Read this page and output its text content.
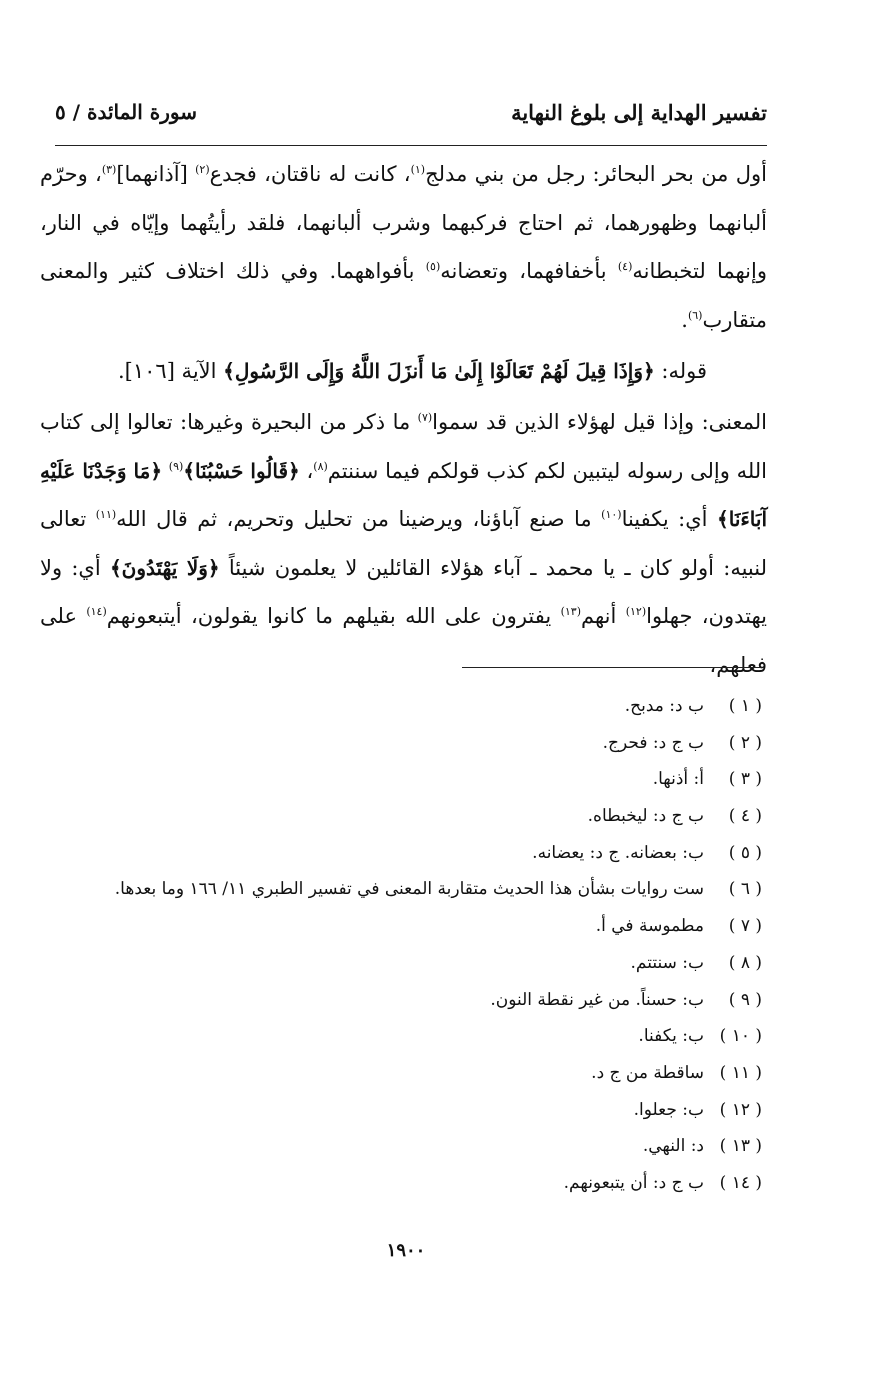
تفسير الهداية إلى بلوغ النهاية
سورة المائدة / ٥

أول من بحر البحائر: رجل من بني مدلج$^{(١)}$، كانت له ناقتان، فجدع$^{(٢)}$ [آذانهما]$^{(٣)}$، وحرّم ألبانهما وظهورهما، ثم احتاج فركبهما وشرب ألبانهما، فلقد رأيتُهما وإيّاه في النار، وإنهما لتخبطانه$^{(٤)}$ بأخفافهما، وتعضانه$^{(٥)}$ بأفواههما. وفي ذلك اختلاف كثير والمعنى متقارب$^{(٦)}$.

قوله: ﴿وَإِذَا قِيلَ لَهُمْ تَعَالَوْا إِلَىٰ مَا أَنزَلَ اللَّهُ وَإِلَى الرَّسُولِ﴾ الآية [١٠٦].

المعنى: وإذا قيل لهؤلاء الذين قد سموا$^{(٧)}$ ما ذكر من البحيرة وغيرها: تعالوا إلى كتاب الله وإلى رسوله ليتبين لكم كذب قولكم فيما سننتم$^{(٨)}$، ﴿قَالُوا حَسْبُنَا﴾$^{(٩)}$ ﴿مَا وَجَدْنَا عَلَيْهِ آبَاءَنَا﴾ أي: يكفينا$^{(١٠)}$ ما صنع آباؤنا، ويرضينا من تحليل وتحريم، ثم قال الله$^{(١١)}$ تعالى لنبيه: أولو كان ـ يا محمد ـ آباء هؤلاء القائلين لا يعلمون شيئاً ﴿وَلَا يَهْتَدُونَ﴾ أي: ولا يهتدون، جهلوا$^{(١٢)}$ أنهم$^{(١٣)}$ يفترون على الله بقيلهم ما كانوا يقولون، أيتبعونهم$^{(١٤)}$ على فعلهم،

( ١ )ب د: مدبح.
( ٢ )ب ج د: فحرج.
( ٣ )أ: أذنها.
( ٤ )ب ج د: ليخبطاه.
( ٥ )ب: بعضانه. ج د: يعضانه.
( ٦ )ست روايات بشأن هذا الحديث متقاربة المعنى في تفسير الطبري ١١/ ١٦٦ وما بعدها.
( ٧ )مطموسة في أ.
( ٨ )ب: سنتتم.
( ٩ )ب: حسناً. من غير نقطة النون.
( ١٠ )ب: يكفنا.
( ١١ )ساقطة من ج د.
( ١٢ )ب: جعلوا.
( ١٣ )د: النهي.
( ١٤ )ب ج د: أن يتبعونهم.
١٩٠٠
